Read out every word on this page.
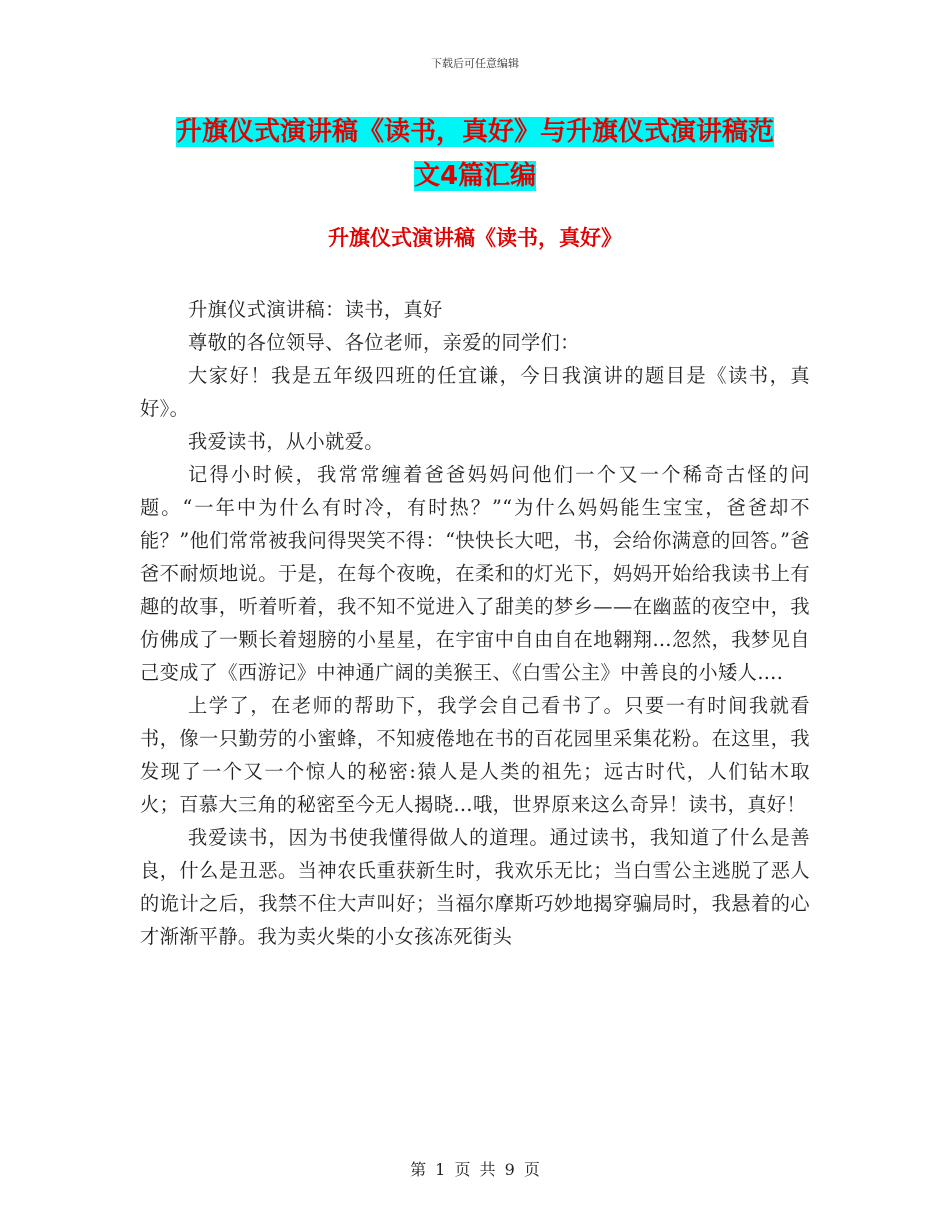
下载后可任意编辑
升旗仪式演讲稿《读书，真好》与升旗仪式演讲稿范
文4篇汇编
升旗仪式演讲稿《读书，真好》

升旗仪式演讲稿：读书，真好

尊敬的各位领导、各位老师，亲爱的同学们：

大家好！我是五年级四班的任宜谦，今日我演讲的题目是《读书，真好》。

我爱读书，从小就爱。

记得小时候，我常常缠着爸爸妈妈问他们一个又一个稀奇古怪的问题。“一年中为什么有时冷，有时热？”“为什么妈妈能生宝宝，爸爸却不能？”他们常常被我问得哭笑不得：“快快长大吧，书，会给你满意的回答。”爸爸不耐烦地说。于是，在每个夜晚，在柔和的灯光下，妈妈开始给我读书上有趣的故事，听着听着，我不知不觉进入了甜美的梦乡——在幽蓝的夜空中，我仿佛成了一颗长着翅膀的小星星，在宇宙中自由自在地翱翔…忽然，我梦见自己变成了《西游记》中神通广阔的美猴王、《白雪公主》中善良的小矮人….

上学了，在老师的帮助下，我学会自己看书了。只要一有时间我就看书，像一只勤劳的小蜜蜂，不知疲倦地在书的百花园里采集花粉。在这里，我发现了一个又一个惊人的秘密:猿人是人类的祖先；远古时代，人们钻木取火；百慕大三角的秘密至今无人揭晓…哦，世界原来这么奇异！读书，真好！

我爱读书，因为书使我懂得做人的道理。通过读书，我知道了什么是善良，什么是丑恶。当神农氏重获新生时，我欢乐无比；当白雪公主逃脱了恶人的诡计之后，我禁不住大声叫好；当福尔摩斯巧妙地揭穿骗局时，我悬着的心才渐渐平静。我为卖火柴的小女孩冻死街头

第 1 页 共 9 页
